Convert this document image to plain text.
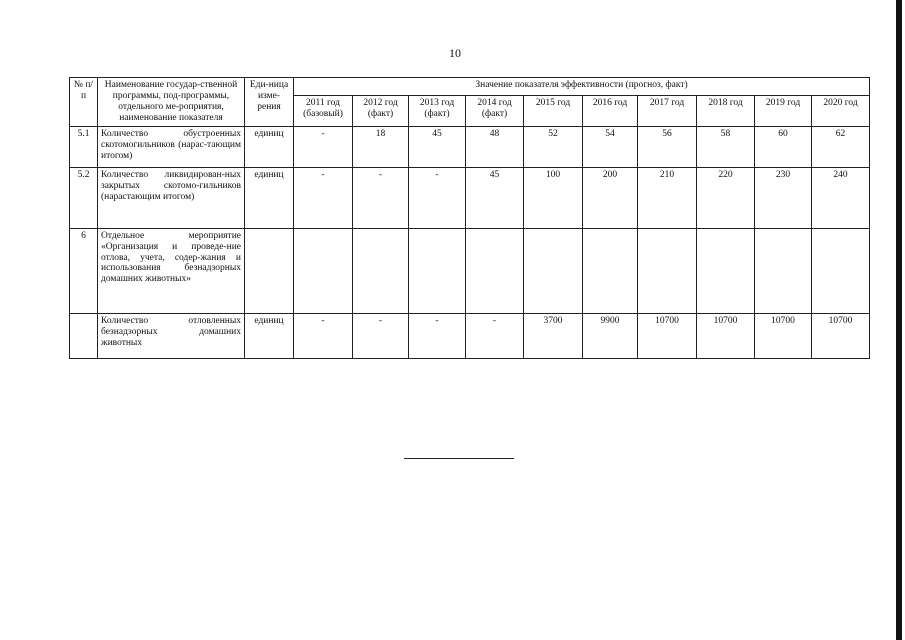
10
№ п/п	Наименование государ-ственной программы, под-программы, отдельного ме-роприятия, наименование показателя	Еди-ница изме-рения	Значение показателя эффективности (прогноз, факт)									
			2011 год (базовый)	2012 год (факт)	2013 год (факт)	2014 год (факт)	2015 год	2016 год	2017 год	2018 год	2019 год	2020 год
5.1	Количество обустроенных скотомогильников (нарас-тающим итогом)	единиц	-	18	45	48	52	54	56	58	60	62
5.2	Количество ликвидирован-ных закрытых скотомо-гильников (нарастающим итогом)	единиц	-	-	-	45	100	200	210	220	230	240
6	Отдельное мероприятие «Организация и проведе-ние отлова, учета, содер-жания и использования безнадзорных домашних животных»											
	Количество отловленных безнадзорных домашних животных	единиц	-	-	-	-	3700	9900	10700	10700	10700	10700
